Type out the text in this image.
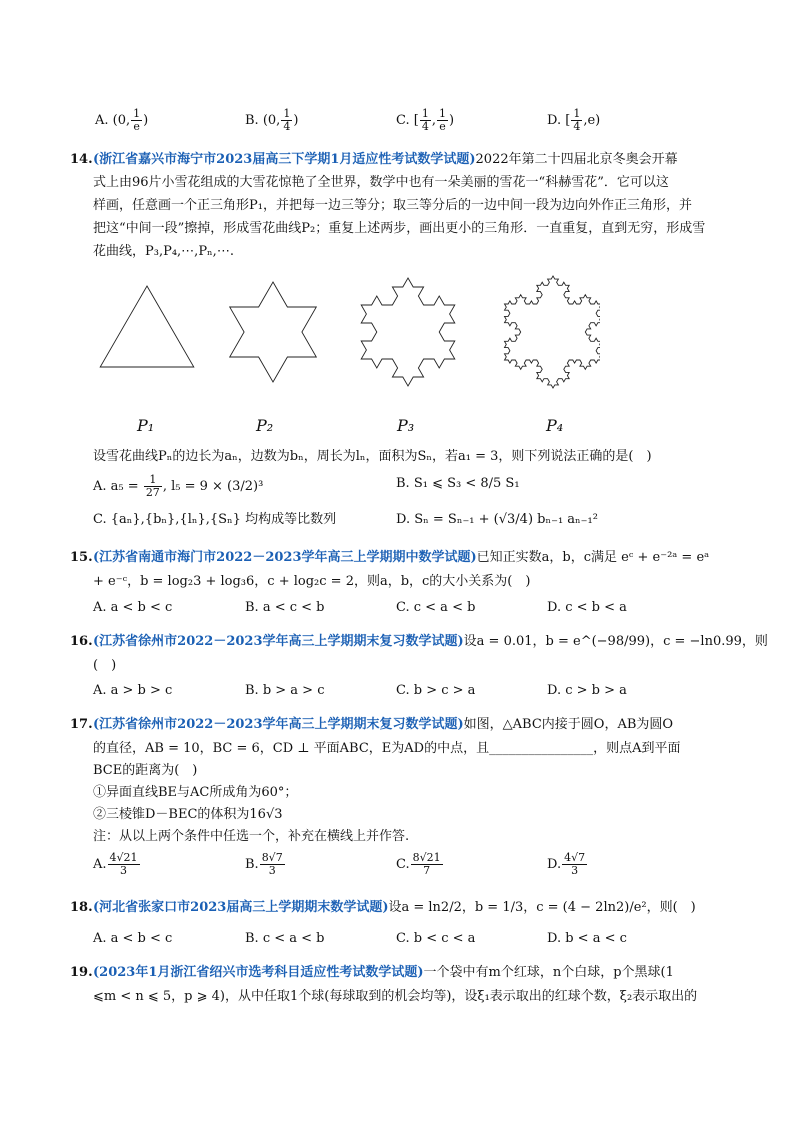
A. (0, $\frac{1}{e}$ )	B. (0, $\frac{1}{4}$ )	C. [ $\frac{1}{4}$ , $\frac{1}{e}$ )	D. [ $\frac{1}{4} ,e$)
14. (浙江省嘉兴市海宁市2023届高三下学期1月适应性考试数学试题)2022年第二十四届北京冬奥会开幕
式上由96片小雪花组成的大雪花惊艳了全世界，数学中也有一朵美丽的雪花一“科赫雪花”．它可以这
样画，任意画一个正三角形P₁，并把每一边三等分；取三等分后的一边中间一段为边向外作正三角形，并
把这“中间一段”擦掉，形成雪花曲线P₂；重复上述两步，画出更小的三角形．一直重复，直到无穷，形成雪
花曲线，P₃,P₄,⋯,Pₙ,⋯.
P₁	P₂	P₃	P₄
设雪花曲线Pₙ的边长为aₙ，边数为bₙ，周长为lₙ，面积为Sₙ，若a₁ = 3，则下列说法正确的是(　)
A. $a_5 = \frac{1}{27}$ , l₅ = 9 × (3/2)³	B. S₁ ⩽ S₃ < 8/5 S₁
C. {aₙ},{bₙ},{lₙ},{Sₙ} 均构成等比数列	D. Sₙ = Sₙ₋₁ + (√3/4) bₙ₋₁ aₙ₋₁²
15. (江苏省南通市海门市2022－2023学年高三上学期期中数学试题)已知正实数a，b，c满足 eᶜ + e⁻²ᵃ = eᵃ
+ e⁻ᶜ，b = log₂3 + log₃6，c + log₂c = 2，则a，b，c的大小关系为(　)
A. a < b < c	B. a < c < b	C. c < a < b	D. c < b < a
16. (江苏省徐州市2022－2023学年高三上学期期末复习数学试题)设a = 0.01，b = e^(−98/99)，c = −ln0.99，则
(　)
A. a > b > c	B. b > a > c	C. b > c > a	D. c > b > a
17. (江苏省徐州市2022－2023学年高三上学期期末复习数学试题)如图，△ABC内接于圆O，AB为圆O
的直径，AB = 10，BC = 6，CD ⊥ 平面ABC，E为AD的中点，且________________，则点A到平面
BCE的距离为(　)
①异面直线BE与AC所成角为60°；
②三棱锥D－BEC的体积为16√3
注：从以上两个条件中任选一个，补充在横线上并作答.
A. $\frac{4√21}{3}$	B. $\frac{8√7}{3}$	C. $\frac{8√21}{7}$	D. $\frac{4√7}{3}$
18. (河北省张家口市2023届高三上学期期末数学试题)设a = ln2/2，b = 1/3，c = (4 − 2ln2)/e²，则(　)
A. a < b < c	B. c < a < b	C. b < c < a	D. b < a < c
19. (2023年1月浙江省绍兴市选考科目适应性考试数学试题)一个袋中有m个红球，n个白球，p个黑球(1
⩽m < n ⩽ 5，p ⩾ 4)，从中任取1个球(每球取到的机会均等)，设ξ₁表示取出的红球个数，ξ₂表示取出的
